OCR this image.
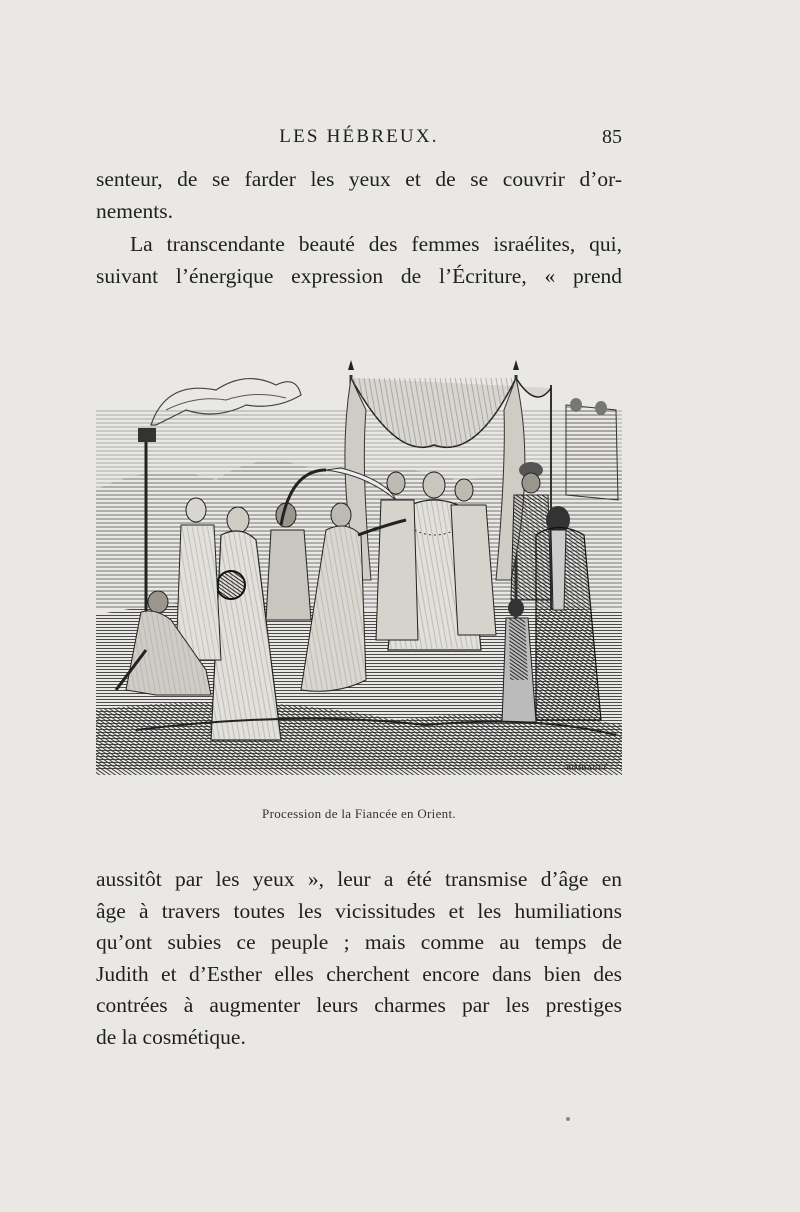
LES HÉBREUX.	85

senteur, de se farder les yeux et de se couvrir d’or-
nements.

La transcendante beauté des femmes israélites, qui,
suivant l’énergique expression de l’Écriture, « prend

RIMBAULT
Procession de la Fiancée en Orient.

aussitôt par les yeux », leur a été transmise d’âge en
âge à travers toutes les vicissitudes et les humiliations
qu’ont subies ce peuple ; mais comme au temps de
Judith et d’Esther elles cherchent encore dans bien des
contrées à augmenter leurs charmes par les prestiges
de la cosmétique.
